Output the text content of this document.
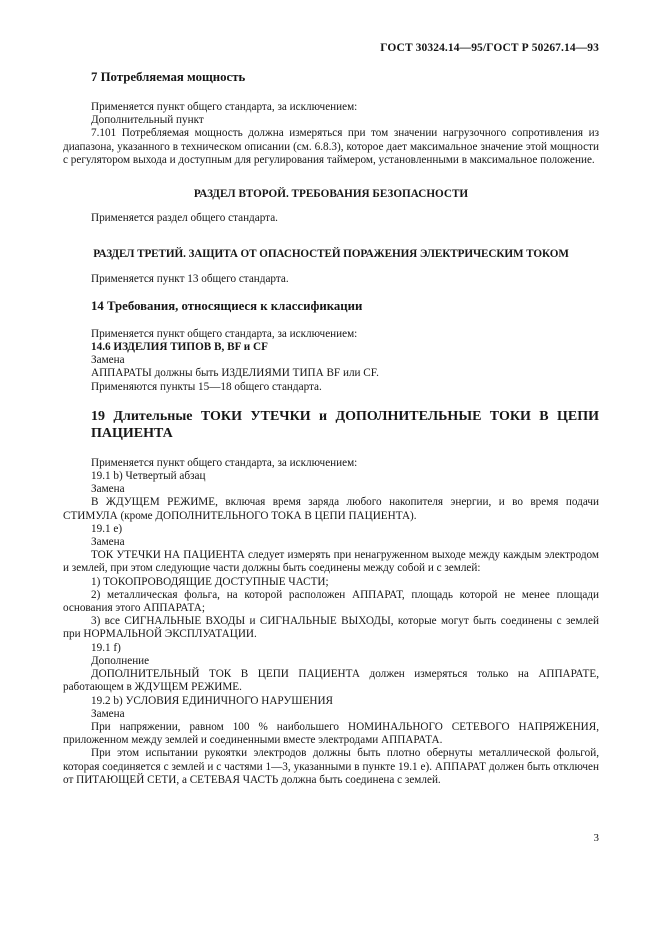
ГОСТ 30324.14—95/ГОСТ Р 50267.14—93

7 Потребляемая мощность

Применяется пункт общего стандарта, за исключением:

Дополнительный пункт

7.101 Потребляемая мощность должна измеряться при том значении нагрузочного сопротивления из диапазона, указанного в техническом описании (см. 6.8.3), которое дает максимальное значение этой мощности с регулятором выхода и доступным для регулирования таймером, установленными в максимальное положение.

РАЗДЕЛ ВТОРОЙ. ТРЕБОВАНИЯ БЕЗОПАСНОСТИ

Применяется раздел общего стандарта.

РАЗДЕЛ ТРЕТИЙ. ЗАЩИТА ОТ ОПАСНОСТЕЙ ПОРАЖЕНИЯ ЭЛЕКТРИЧЕСКИМ ТОКОМ

Применяется пункт 13 общего стандарта.

14 Требования, относящиеся к классификации

Применяется пункт общего стандарта, за исключением:

14.6 ИЗДЕЛИЯ ТИПОВ B, BF и CF

Замена

АППАРАТЫ должны быть ИЗДЕЛИЯМИ ТИПА BF или CF.

Применяются пункты 15—18 общего стандарта.

19 Длительные ТОКИ УТЕЧКИ и ДОПОЛНИТЕЛЬНЫЕ ТОКИ В ЦЕПИ ПАЦИЕНТА

Применяется пункт общего стандарта, за исключением:

19.1 b) Четвертый абзац

Замена

В ЖДУЩЕМ РЕЖИМЕ, включая время заряда любого накопителя энергии, и во время подачи СТИМУЛА (кроме ДОПОЛНИТЕЛЬНОГО ТОКА В ЦЕПИ ПАЦИЕНТА).

19.1 e)

Замена

ТОК УТЕЧКИ НА ПАЦИЕНТА следует измерять при ненагруженном выходе между каждым электродом и землей, при этом следующие части должны быть соединены между собой и с землей:

1) ТОКОПРОВОДЯЩИЕ ДОСТУПНЫЕ ЧАСТИ;

2) металлическая фольга, на которой расположен АППАРАТ, площадь которой не менее площади основания этого АППАРАТА;

3) все СИГНАЛЬНЫЕ ВХОДЫ и СИГНАЛЬНЫЕ ВЫХОДЫ, которые могут быть соединены с землей при НОРМАЛЬНОЙ ЭКСПЛУАТАЦИИ.

19.1 f)

Дополнение

ДОПОЛНИТЕЛЬНЫЙ ТОК В ЦЕПИ ПАЦИЕНТА должен измеряться только на АППАРАТЕ, работающем в ЖДУЩЕМ РЕЖИМЕ.

19.2 b) УСЛОВИЯ ЕДИНИЧНОГО НАРУШЕНИЯ

Замена

При напряжении, равном 100 % наибольшего НОМИНАЛЬНОГО СЕТЕВОГО НАПРЯЖЕНИЯ, приложенном между землей и соединенными вместе электродами АППАРАТА.

При этом испытании рукоятки электродов должны быть плотно обернуты металлической фольгой, которая соединяется с землей и с частями 1—3, указанными в пункте 19.1 e). АППАРАТ должен быть отключен от ПИТАЮЩЕЙ СЕТИ, а СЕТЕВАЯ ЧАСТЬ должна быть соединена с землей.

3
